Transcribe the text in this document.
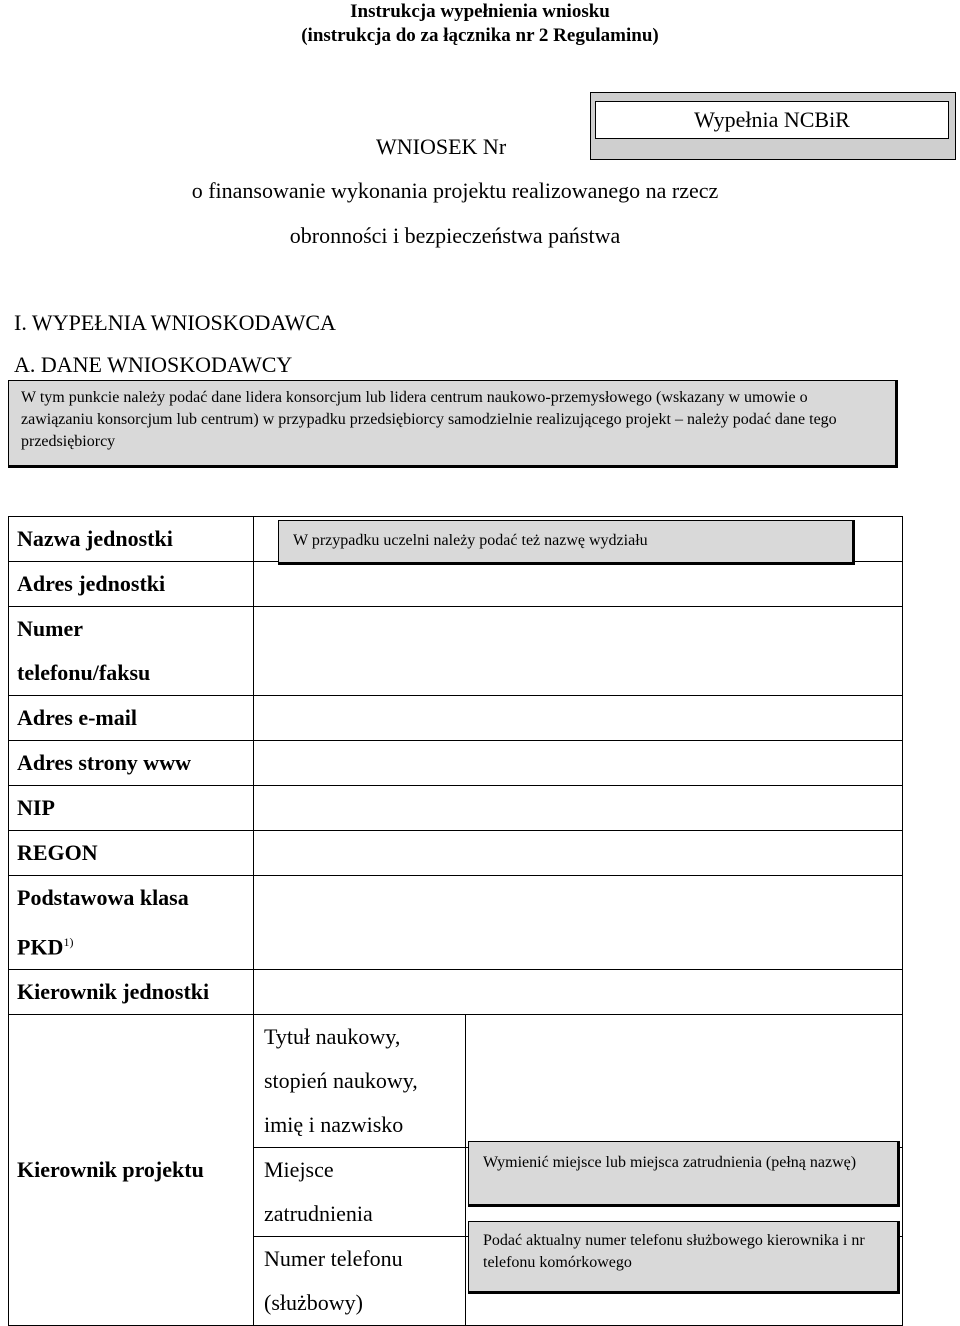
Instrukcja wypełnienia wniosku
(instrukcja do za łącznika nr 2 Regulaminu)
Wypełnia NCBiR
WNIOSEK Nr
o finansowanie wykonania projektu realizowanego na rzecz
obronności i bezpieczeństwa państwa
I. WYPEŁNIA WNIOSKODAWCA
A. DANE WNIOSKODAWCY
W tym punkcie należy podać dane lidera konsorcjum lub lidera centrum naukowo-przemysłowego (wskazany w umowie o zawiązaniu konsorcjum lub centrum) w przypadku przedsiębiorcy samodzielnie realizującego projekt – należy podać dane tego przedsiębiorcy
Nazwa jednostki		
Adres jednostki		

Numer
telefonu/faksu		

Adres e-mail		
Adres strony www		
NIP		
REGON		

Podstawowa klasa
PKD$^{1)}$

Kierownik jednostki		
Kierownik projektu	Tytuł naukowy,
stopień naukowy,
imię i nazwisko	

	Miejsce
zatrudnienia	

	Numer telefonu
(służbowy)	

W przypadku uczelni należy podać też nazwę wydziału
Wymienić miejsce lub miejsca zatrudnienia (pełną nazwę)
Podać aktualny numer telefonu służbowego kierownika i nr telefonu komórkowego
